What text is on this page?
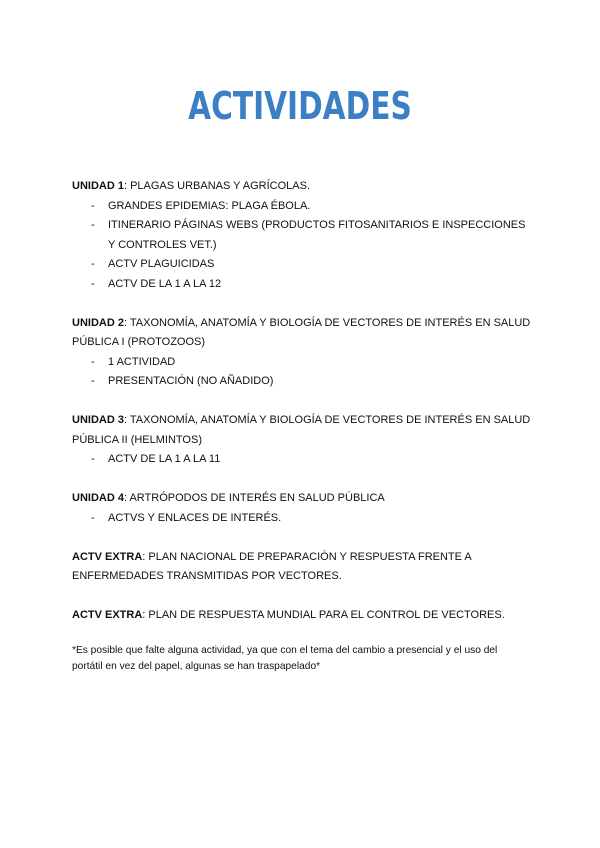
ACTIVIDADES

UNIDAD 1: PLAGAS URBANAS Y AGRÍCOLAS.

- GRANDES EPIDEMIAS: PLAGA ÉBOLA.
- ITINERARIO PÁGINAS WEBS (PRODUCTOS FITOSANITARIOS E INSPECCIONES Y CONTROLES VET.)
- ACTV PLAGUICIDAS
- ACTV DE LA 1 A LA 12

UNIDAD 2: TAXONOMÍA, ANATOMÍA Y BIOLOGÍA DE VECTORES DE INTERÉS EN SALUD PÚBLICA I (PROTOZOOS)

- 1 ACTIVIDAD
- PRESENTACIÓN (NO AÑADIDO)

UNIDAD 3: TAXONOMÍA, ANATOMÍA Y BIOLOGÍA DE VECTORES DE INTERÉS EN SALUD PÚBLICA II (HELMINTOS)

- ACTV DE LA 1 A LA 11

UNIDAD 4: ARTRÓPODOS DE INTERÉS EN SALUD PÚBLICA

- ACTVS Y ENLACES DE INTERÉS.

ACTV EXTRA: PLAN NACIONAL DE PREPARACIÓN Y RESPUESTA FRENTE A ENFERMEDADES TRANSMITIDAS POR VECTORES.

ACTV EXTRA: PLAN DE RESPUESTA MUNDIAL PARA EL CONTROL DE VECTORES.

*Es posible que falte alguna actividad, ya que con el tema del cambio a presencial y el uso del portátil en vez del papel, algunas se han traspapelado*
